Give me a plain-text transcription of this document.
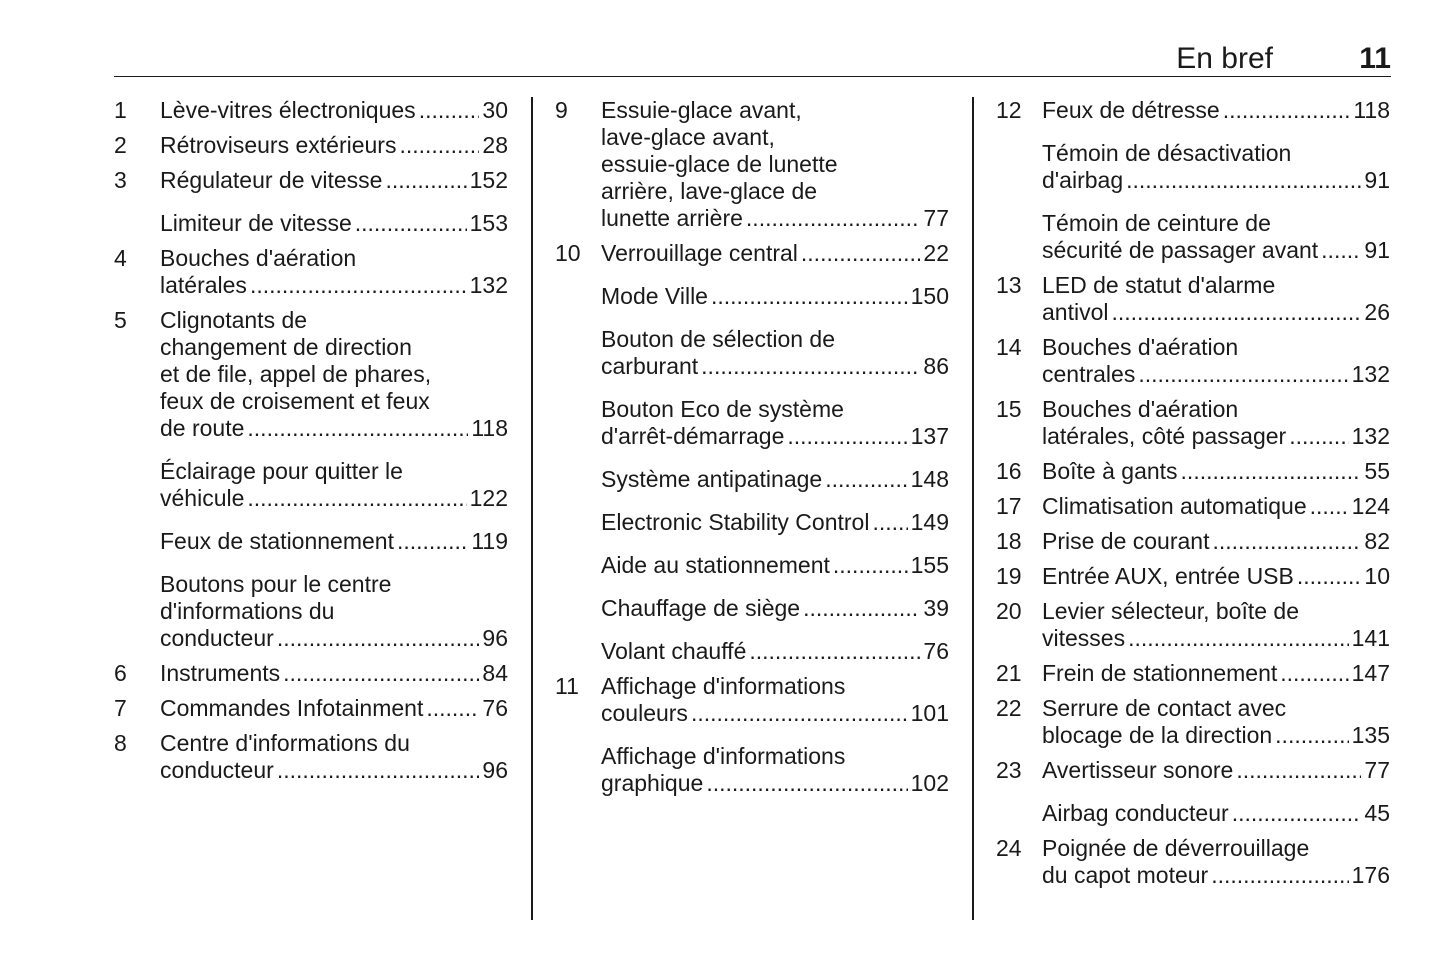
En bref	11
1 Lève-vitres électroniques .....	30
2 Rétroviseurs extérieurs .....	28
3 Régulateur de vitesse .....	152
Limiteur de vitesse .....	153
4 Bouches d'aération
latérales .....	132
5 Clignotants de
changement de direction
et de file, appel de phares,
feux de croisement et feux
de route .....	118
Éclairage pour quitter le
véhicule .....	122
Feux de stationnement .....	119
Boutons pour le centre
d'informations du
conducteur .....	96
6 Instruments .....	84
7 Commandes Infotainment .....	76
8 Centre d'informations du
conducteur .....	96
9 Essuie-glace avant,
lave-glace avant,
essuie-glace de lunette
arrière, lave-glace de
lunette arrière .....	77
10 Verrouillage central .....	22
Mode Ville .....	150
Bouton de sélection de
carburant .....	86
Bouton Eco de système
d'arrêt-démarrage .....	137
Système antipatinage .....	148
Electronic Stability Control ..... 149
Aide au stationnement .....	155
Chauffage de siège .....	39
Volant chauffé .....	76
11 Affichage d'informations
couleurs .....	101
Affichage d'informations
graphique .....	102
12 Feux de détresse .....	118
Témoin de désactivation
d'airbag .....	91
Témoin de ceinture de
sécurité de passager avant ..... 91
13 LED de statut d'alarme
antivol .....	26
14 Bouches d'aération
centrales .....	132
15 Bouches d'aération
latérales, côté passager .....	132
16 Boîte à gants .....	55
17 Climatisation automatique ..... 124
18 Prise de courant .....	82
19 Entrée AUX, entrée USB .....	10
20 Levier sélecteur, boîte de
vitesses .....	141
21 Frein de stationnement .....	147
22 Serrure de contact avec
blocage de la direction .....	135
23 Avertisseur sonore .....	77
Airbag conducteur .....	45
24 Poignée de déverrouillage
du capot moteur .....	176
